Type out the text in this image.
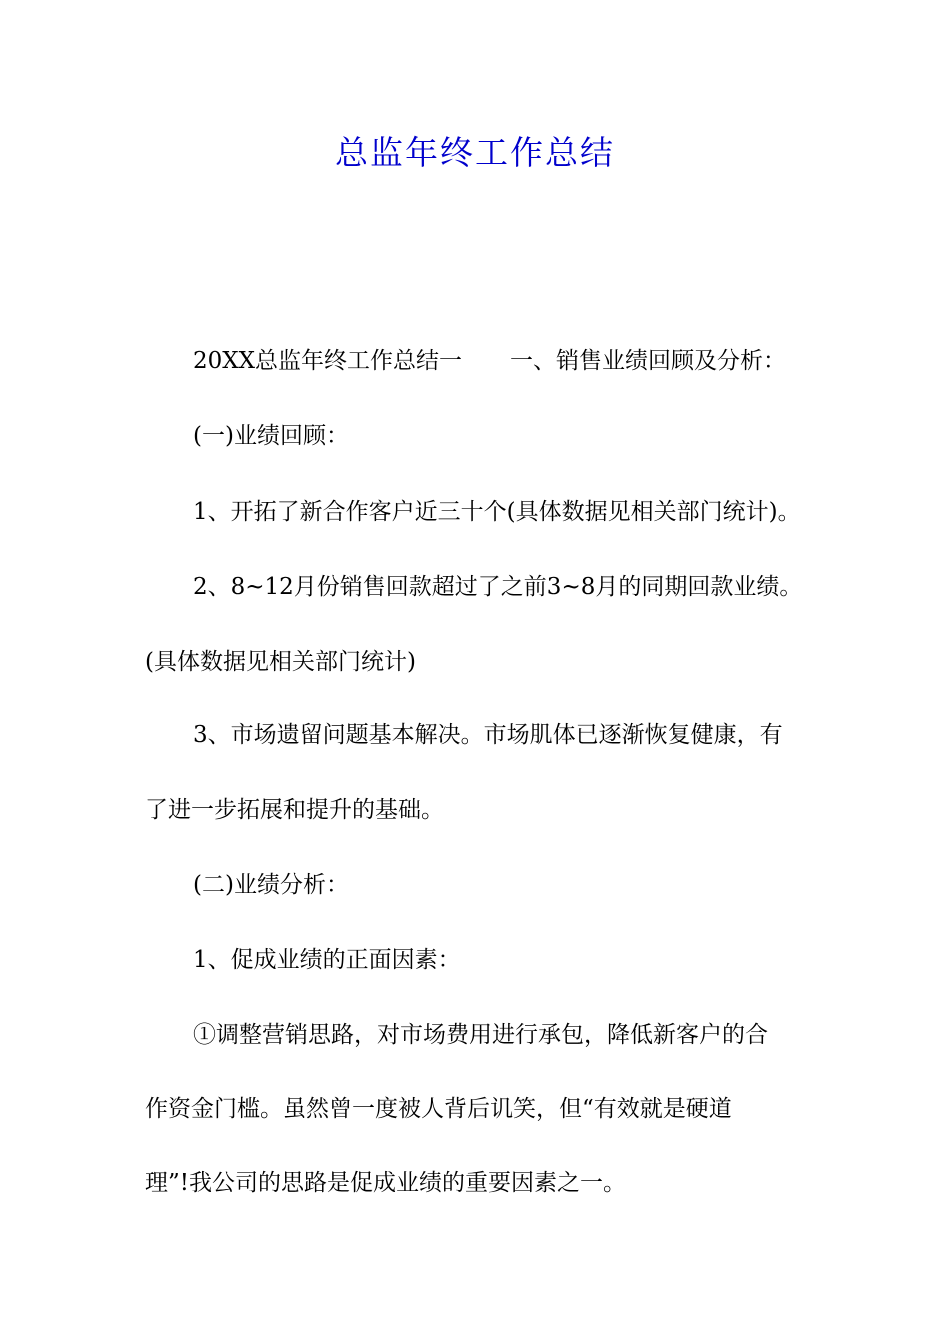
总监年终工作总结

20XX总监年终工作总结一 一、销售业绩回顾及分析：

(一)业绩回顾：

1、开拓了新合作客户近三十个(具体数据见相关部门统计)。

2、8~12月份销售回款超过了之前3~8月的同期回款业绩。

(具体数据见相关部门统计)

3、市场遗留问题基本解决。市场肌体已逐渐恢复健康，有

了进一步拓展和提升的基础。

(二)业绩分析：

1、促成业绩的正面因素：

①调整营销思路，对市场费用进行承包，降低新客户的合

作资金门槛。虽然曾一度被人背后讥笑，但“有效就是硬道

理”!我公司的思路是促成业绩的重要因素之一。
